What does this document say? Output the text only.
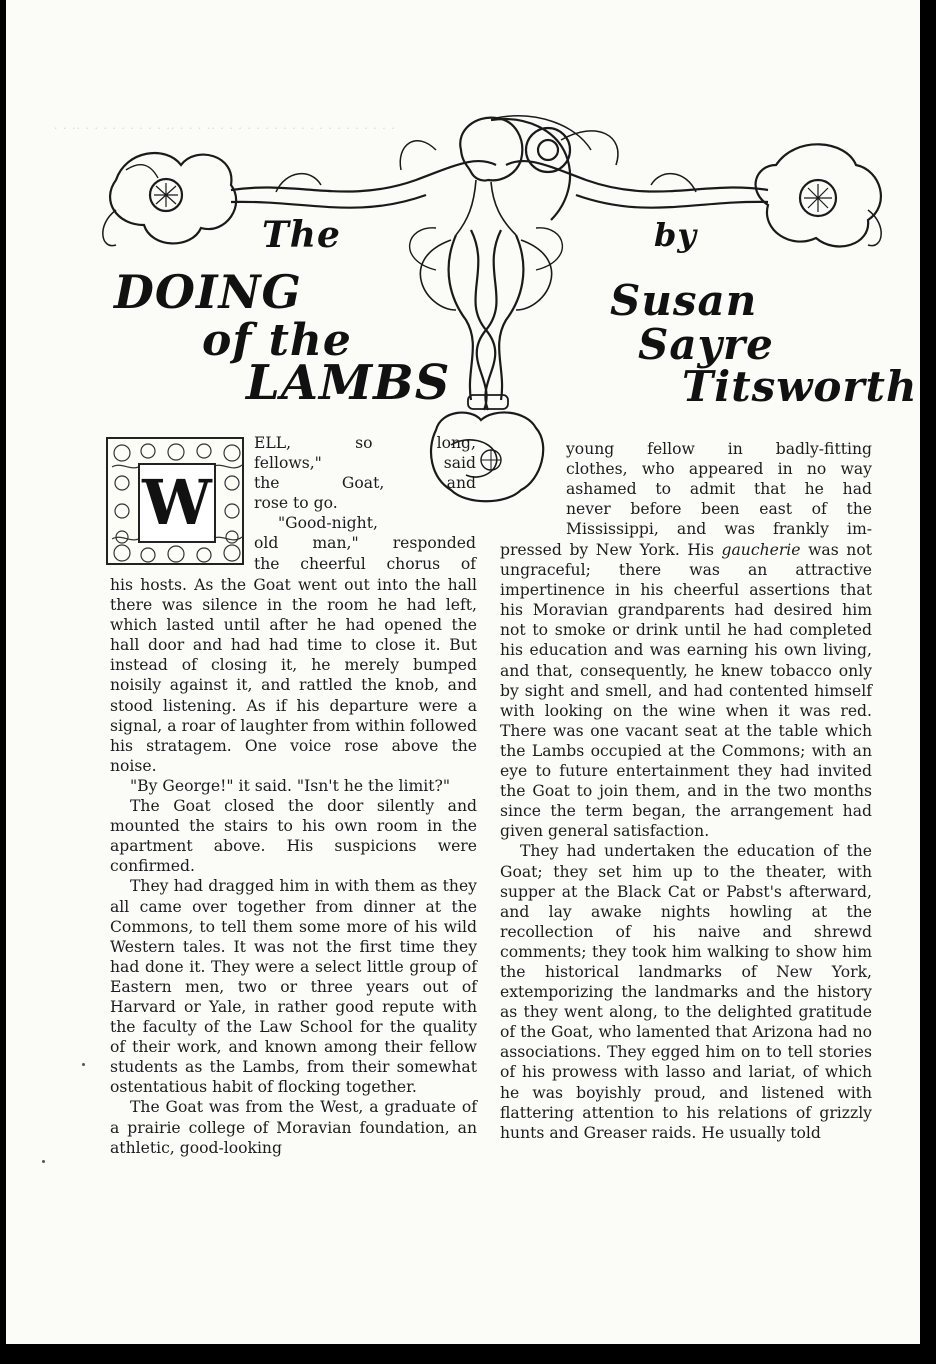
· · ·· · · · · · · · · · ·· · · · ·· · · · · · · · · · · · · · · · · · · · ·
The
DOING
of the
LAMBS
by
Susan
Sayre
Titsworth
W

ELL, so long,

fellows," said

the Goat, and

rose to go.

"Good-night,

old man," responded

the cheerful chorus of

his hosts. As the Goat went out into the hall there was silence in the room he had left, which lasted until after he had opened the hall door and had had time to close it. But instead of closing it, he merely bumped noisily against it, and rattled the knob, and stood listening. As if his departure were a signal, a roar of laughter from within followed his stratagem. One voice rose above the noise.

"By George!" it said. "Isn't he the limit?"

The Goat closed the door silently and mounted the stairs to his own room in the apartment above. His suspicions were confirmed.

They had dragged him in with them as they all came over together from dinner at the Commons, to tell them some more of his wild Western tales. It was not the first time they had done it. They were a select little group of Eastern men, two or three years out of Harvard or Yale, in rather good repute with the faculty of the Law School for the quality of their work, and known among their fellow students as the Lambs, from their somewhat ostentatious habit of flocking together.

The Goat was from the West, a graduate of a prairie college of Moravian foundation, an athletic, good-looking

young fellow in badly-fitting

clothes, who appeared in no way

ashamed to admit that he had

never before been east of the

Mississippi, and was frankly im-

pressed by New York. His gaucherie was not ungraceful; there was an attractive impertinence in his cheerful assertions that his Moravian grandparents had desired him not to smoke or drink until he had completed his education and was earning his own living, and that, consequently, he knew tobacco only by sight and smell, and had contented himself with looking on the wine when it was red. There was one vacant seat at the table which the Lambs occupied at the Commons; with an eye to future entertainment they had invited the Goat to join them, and in the two months since the term began, the arrangement had given general satisfaction.

They had undertaken the education of the Goat; they set him up to the theater, with supper at the Black Cat or Pabst's afterward, and lay awake nights howling at the recollection of his naive and shrewd comments; they took him walking to show him the historical landmarks of New York, extemporizing the landmarks and the history as they went along, to the delighted gratitude of the Goat, who lamented that Arizona had no associations. They egged him on to tell stories of his prowess with lasso and lariat, of which he was boyishly proud, and listened with flattering attention to his relations of grizzly hunts and Greaser raids. He usually told
